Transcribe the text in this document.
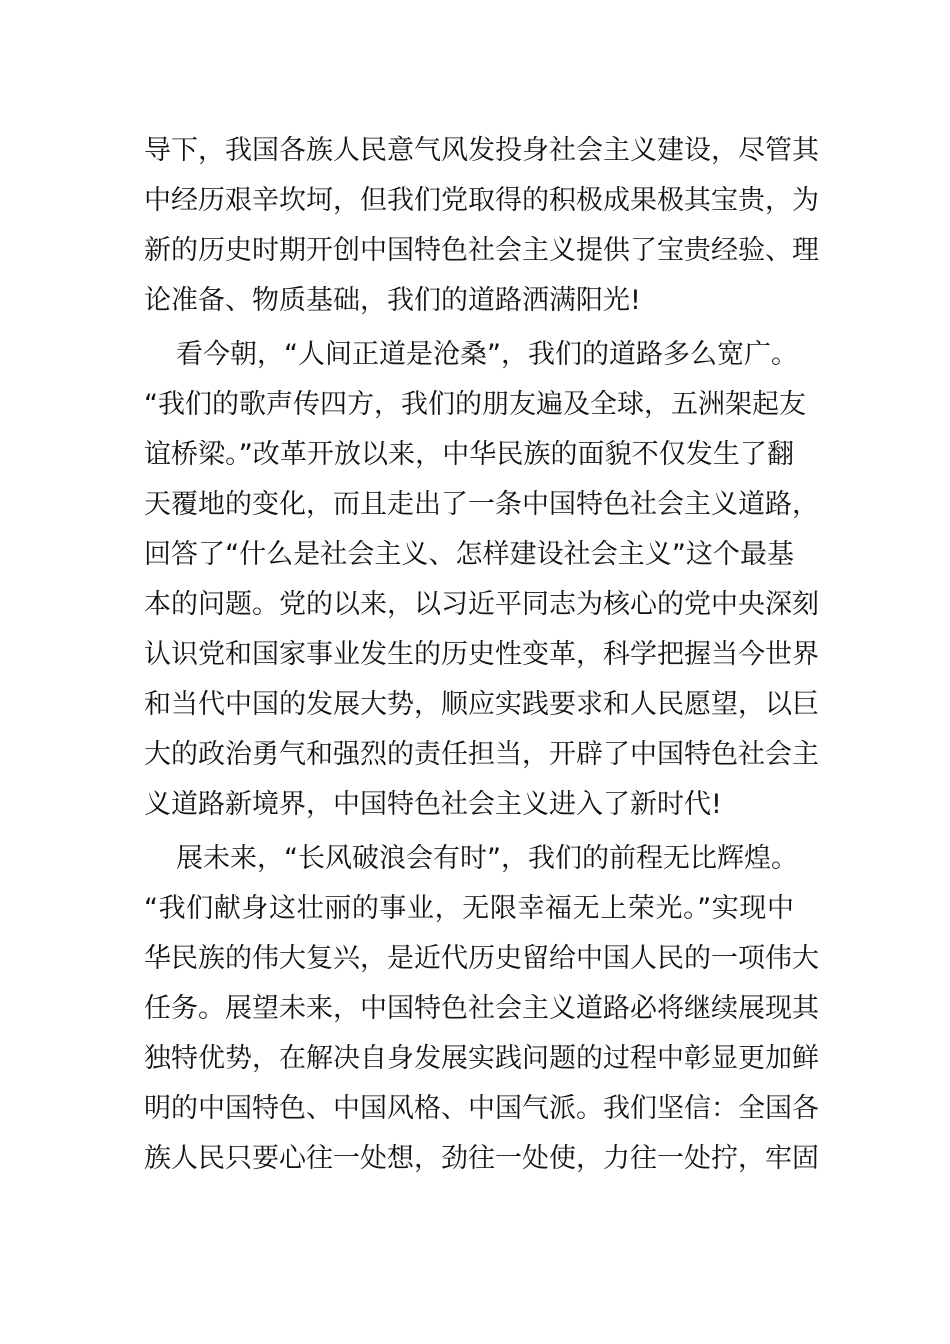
导下，我国各族人民意气风发投身社会主义建设，尽管其
中经历艰辛坎坷，但我们党取得的积极成果极其宝贵，为
新的历史时期开创中国特色社会主义提供了宝贵经验、理
论准备、物质基础，我们的道路洒满阳光!
看今朝，“人间正道是沧桑”，我们的道路多么宽广。
“我们的歌声传四方，我们的朋友遍及全球，五洲架起友
谊桥梁。”改革开放以来，中华民族的面貌不仅发生了翻
天覆地的变化，而且走出了一条中国特色社会主义道路，
回答了“什么是社会主义、怎样建设社会主义”这个最基
本的问题。党的以来，以习近平同志为核心的党中央深刻
认识党和国家事业发生的历史性变革，科学把握当今世界
和当代中国的发展大势，顺应实践要求和人民愿望，以巨
大的政治勇气和强烈的责任担当，开辟了中国特色社会主
义道路新境界，中国特色社会主义进入了新时代!
展未来，“长风破浪会有时”，我们的前程无比辉煌。
“我们献身这壮丽的事业，无限幸福无上荣光。”实现中
华民族的伟大复兴，是近代历史留给中国人民的一项伟大
任务。展望未来，中国特色社会主义道路必将继续展现其
独特优势，在解决自身发展实践问题的过程中彰显更加鲜
明的中国特色、中国风格、中国气派。我们坚信：全国各
族人民只要心往一处想，劲往一处使，力往一处拧，牢固
